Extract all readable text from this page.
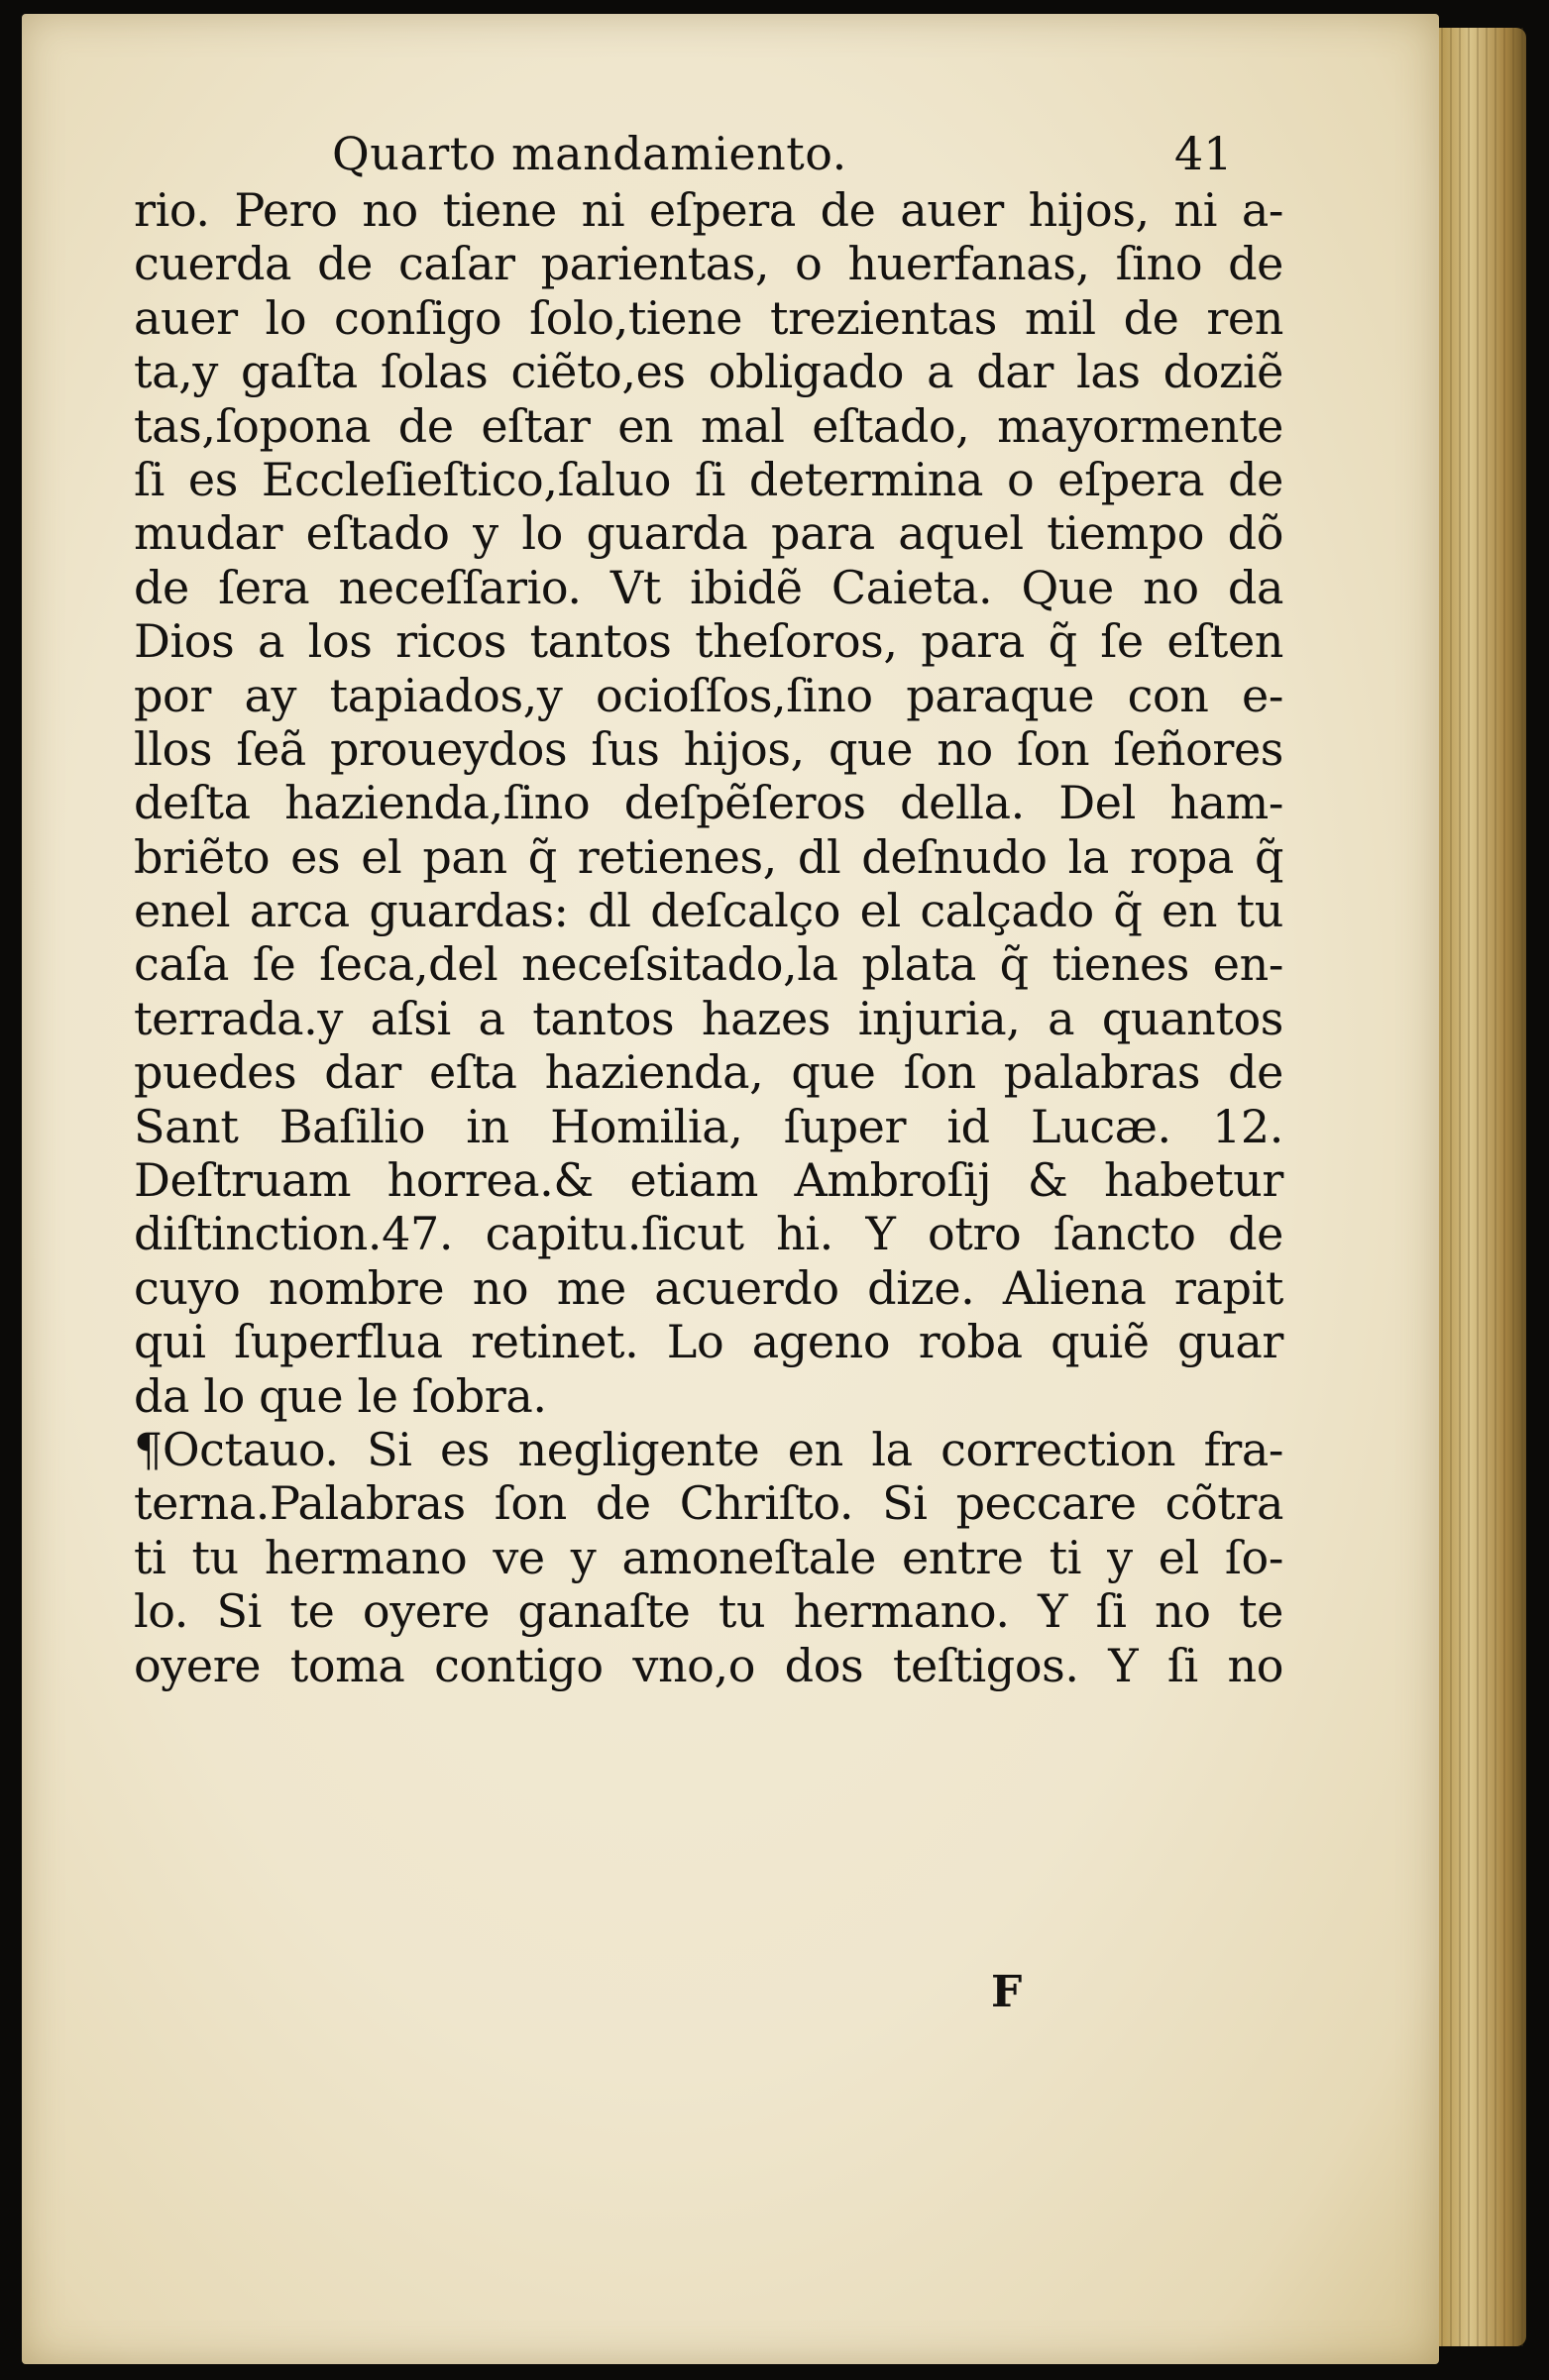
Quarto mandamiento.	41
rio. Pero no tiene ni eſpera de auer hijos, ni a-
cuerda de caſar parientas, o huerfanas, ſino de
auer lo conſigo ſolo,tiene trezientas mil de ren
ta,y gaſta ſolas ciẽto,es obligado a dar las doziẽ
tas,ſopona de eſtar en mal eſtado, mayormente
ſi es Eccleſieſtico,ſaluo ſi determina o eſpera de
mudar eſtado y lo guarda para aquel tiempo dõ
de ſera neceſſario. Vt ibidẽ Caieta. Que no da
Dios a los ricos tantos theſoros, para q̃ ſe eſten
por ay tapiados,y ocioſſos,ſino paraque con e-
llos ſeã proueydos ſus hijos, que no ſon ſeñores
deſta hazienda,ſino deſpẽſeros della. Del ham-
briẽto es el pan q̃ retienes, dl deſnudo la ropa q̃
enel arca guardas: dl deſcalço el calçado q̃ en tu
caſa ſe ſeca,del neceſsitado,la plata q̃ tienes en-
terrada.y aſsi a tantos hazes injuria, a quantos
puedes dar eſta hazienda, que ſon palabras de
Sant Baſilio in Homilia, ſuper id Lucæ. 12.
Deſtruam horrea.& etiam Ambroſij & habetur
diſtinction.47. capitu.ſicut hi. Y otro ſancto de
cuyo nombre no me acuerdo dize. Aliena rapit
qui ſuperflua retinet. Lo ageno roba quiẽ guar
da lo que le ſobra.
¶Octauo. Si es negligente en la correction fra-
terna.Palabras ſon de Chriſto. Si peccare cõtra
ti tu hermano ve y amoneſtale entre ti y el ſo-
lo. Si te oyere ganaſte tu hermano. Y ſi no te
oyere toma contigo vno,o dos teſtigos. Y ſi no
F
